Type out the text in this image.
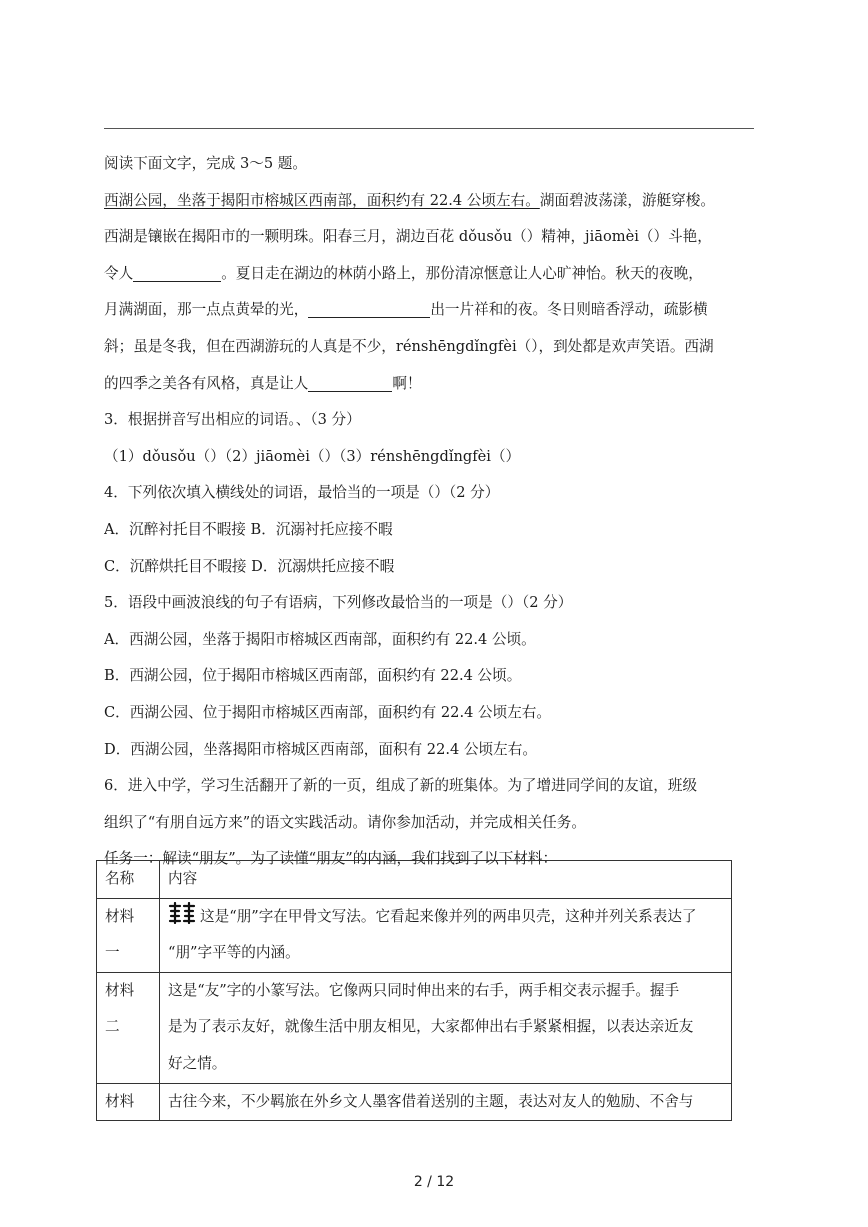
阅读下面文字，完成 3～5 题。
西湖公园，坐落于揭阳市榕城区西南部，面积约有 22.4 公顷左右。湖面碧波荡漾，游艇穿梭。
西湖是镶嵌在揭阳市的一颗明珠。阳春三月，湖边百花 dǒusǒu（）精神，jiāomèi（）斗艳，
令人	。夏日走在湖边的林荫小路上，那份清凉惬意让人心旷神怡。秋天的夜晚，
月满湖面，那一点点黄晕的光，	出一片祥和的夜。冬日则暗香浮动，疏影横
斜；虽是冬我，但在西湖游玩的人真是不少，rénshēngdǐngfèi（），到处都是欢声笑语。西湖
的四季之美各有风格，真是让人	啊！
3．根据拼音写出相应的词语。、（3 分）
（1）dǒusǒu（）（2）jiāomèi（）（3）rénshēngdǐngfèi（）
4．下列依次填入横线处的词语，最恰当的一项是（）（2 分）
A．沉醉衬托目不暇接 B．沉溺衬托应接不暇
C．沉醉烘托目不暇接 D．沉溺烘托应接不暇
5．语段中画波浪线的句子有语病，下列修改最恰当的一项是（）（2 分）
A．西湖公园，坐落于揭阳市榕城区西南部，面积约有 22.4 公顷。
B．西湖公园，位于揭阳市榕城区西南部，面积约有 22.4 公顷。
C．西湖公园、位于揭阳市榕城区西南部，面积约有 22.4 公顷左右。
D．西湖公园，坐落揭阳市榕城区西南部，面积有 22.4 公顷左右。
6．进入中学，学习生活翻开了新的一页，组成了新的班集体。为了增进同学间的友谊，班级
组织了“有朋自远方来”的语文实践活动。请你参加活动，并完成相关任务。
任务一：解读“朋友”。为了读懂“朋友”的内涵，我们找到了以下材料：
名称	内容
材料
一	这是“朋”字在甲骨文写法。它看起来像并列的两串贝壳，这种并列关系表达了
“朋”字平等的内涵。
材料
二	这是“友”字的小篆写法。它像两只同时伸出来的右手，两手相交表示握手。握手
是为了表示友好，就像生活中朋友相见，大家都伸出右手紧紧相握，以表达亲近友
好之情。
材料	古往今来，不少羁旅在外乡文人墨客借着送别的主题，表达对友人的勉励、不舍与
2 / 12
